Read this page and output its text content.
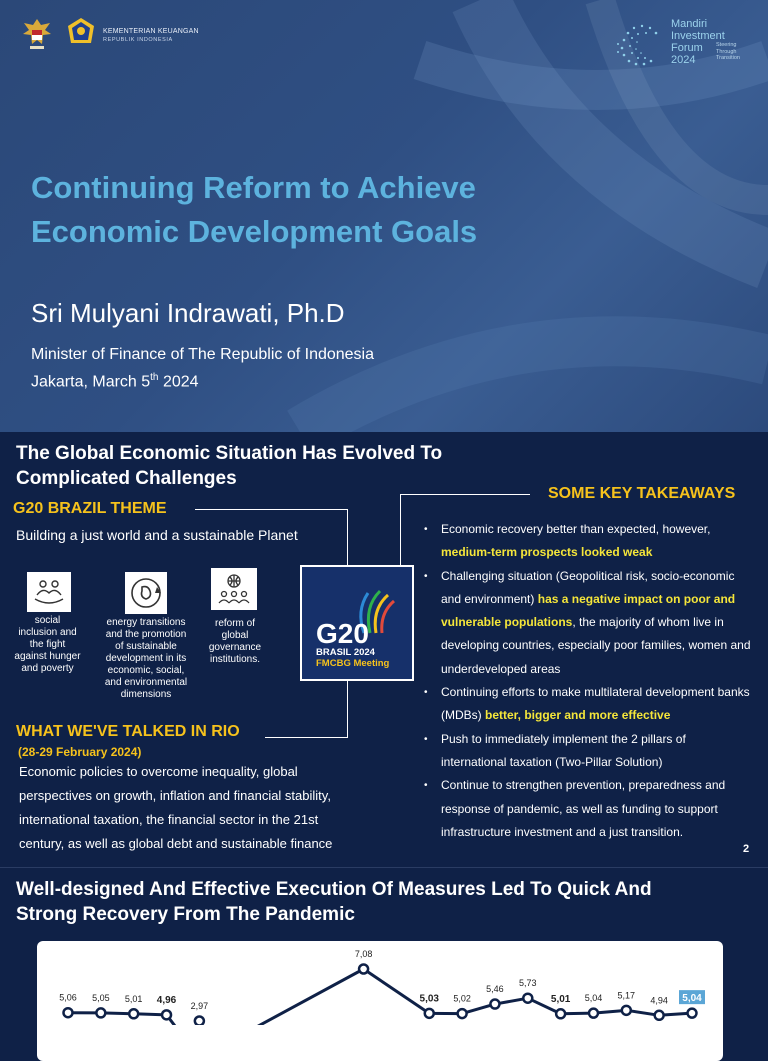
KEMENTERIAN KEUANGAN
REPUBLIK INDONESIA
Mandiri
Investment
Forum
2024
Steering
Through
Transition
Continuing Reform to Achieve
Economic Development Goals
Sri Mulyani Indrawati, Ph.D
Minister of Finance of The Republic of Indonesia
Jakarta, March 5th 2024
The Global Economic Situation Has Evolved To
Complicated Challenges
G20 BRAZIL THEME
Building a just world and a sustainable Planet
social
inclusion and
the fight
against hunger
and poverty
energy transitions
and the promotion
of sustainable
development in its
economic, social,
and environmental
dimensions
reform of
global
governance
institutions.
WHAT WE'VE TALKED IN RIO
(28-29 February 2024)
Economic policies to overcome inequality, global perspectives on growth, inflation and financial stability, international taxation, the financial sector in the 21st century, as well as global debt and sustainable finance
G20
BRASIL 2024
FMCBG Meeting
SOME KEY TAKEAWAYS
• Economic recovery better than expected, however, medium-term prospects looked weak
• Challenging situation (Geopolitical risk, socio-economic and environment) has a negative impact on poor and vulnerable populations, the majority of whom live in developing countries, especially poor families, women and underdeveloped areas
• Continuing efforts to make multilateral development banks (MDBs) better, bigger and more effective
• Push to immediately implement the 2 pillars of international taxation (Two-Pillar Solution)
• Continue to strengthen prevention, preparedness and response of pandemic, as well as funding to support infrastructure investment and a just transition.
2
Well-designed And Effective Execution Of Measures Led To Quick And
Strong Recovery From The Pandemic
5,06 5,05 5,01 4,96
2,97
7,08
5,03 5,02
5,46
5,73
5,01 5,04 5,17 4,94 5,04
